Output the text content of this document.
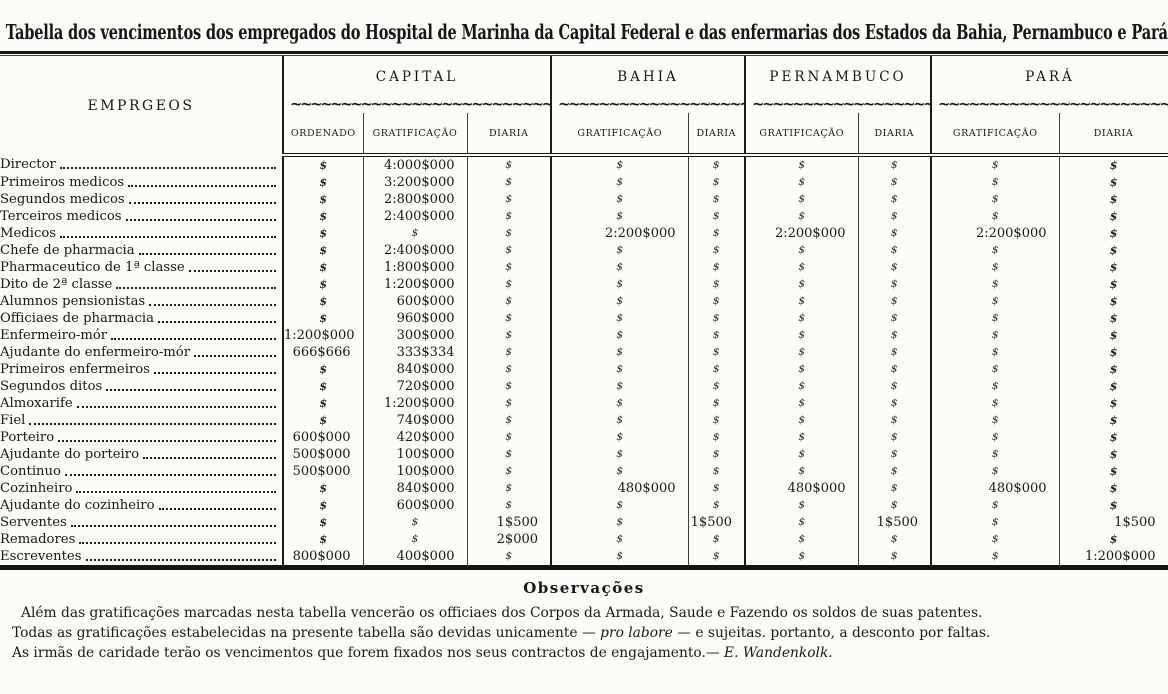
Tabella dos vencimentos dos empregados do Hospital de Marinha da Capital Federal e das enfermarias dos Estados da Bahia, Pernambuco e Pará
EMPRGEOS	CAPITAL			BAHIA		PERNAMBUCO		PARÁ	

~~~~~

~~~~~

~~~~~

~~~~~

	ORDENADO	GRATIFICAÇÃO	DIARIA	GRATIFICAÇÃO	DIARIA	GRATIFICAÇÃO	DIARIA	GRATIFICAÇÃO	DIARIA

Director	$	4:000$000	$	$	$	$	$	$	$

Primeiros medicos	$	3:200$000	$	$	$	$	$	$	$

Segundos medicos	$	2:800$000	$	$	$	$	$	$	$

Terceiros medicos	$	2:400$000	$	$	$	$	$	$	$

Medicos	$	$	$	2:200$000	$	2:200$000	$	2:200$000	$

Chefe de pharmacia	$	2:400$000	$	$	$	$	$	$	$

Pharmaceutico de 1ª classe	$	1:800$000	$	$	$	$	$	$	$

Dito de 2ª classe	$	1:200$000	$	$	$	$	$	$	$

Alumnos pensionistas	$	600$000	$	$	$	$	$	$	$

Officiaes de pharmacia	$	960$000	$	$	$	$	$	$	$

Enfermeiro-mór	1:200$000	300$000	$	$	$	$	$	$	$

Ajudante do enfermeiro-mór	666$666	333$334	$	$	$	$	$	$	$

Primeiros enfermeiros	$	840$000	$	$	$	$	$	$	$

Segundos ditos	$	720$000	$	$	$	$	$	$	$

Almoxarife	$	1:200$000	$	$	$	$	$	$	$

Fiel	$	740$000	$	$	$	$	$	$	$

Porteiro	600$000	420$000	$	$	$	$	$	$	$

Ajudante do porteiro	500$000	100$000	$	$	$	$	$	$	$

Continuo	500$000	100$000	$	$	$	$	$	$	$

Cozinheiro	$	840$000	$	480$000	$	480$000	$	480$000	$

Ajudante do cozinheiro	$	600$000	$	$	$	$	$	$	$

Serventes	$	$	1$500	$	1$500	$	1$500	$	1$500

Remadores	$	$	2$000	$	$	$	$	$	$

Escreventes	800$000	400$000	$	$	$	$	$	$	1:200$000
Observações

Além das gratificações marcadas nesta tabella vencerão os officiaes dos Corpos da Armada, Saude e Fazendo os soldos de suas patentes.

Todas as gratificações estabelecidas na presente tabella são devidas unicamente — pro labore — e sujeitas. portanto, a desconto por faltas.

As irmãs de caridade terão os vencimentos que forem fixados nos seus contractos de engajamento.— E. Wandenkolk.
